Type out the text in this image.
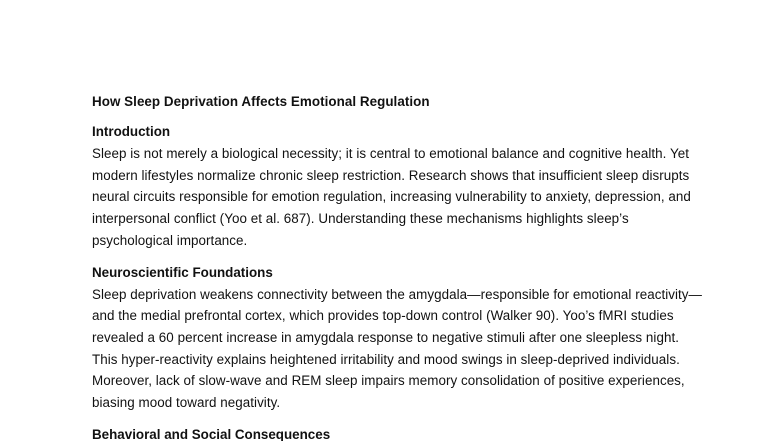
How Sleep Deprivation Affects Emotional Regulation
Introduction

Sleep is not merely a biological necessity; it is central to emotional balance and cognitive health. Yet modern lifestyles normalize chronic sleep restriction. Research shows that insufficient sleep disrupts neural circuits responsible for emotion regulation, increasing vulnerability to anxiety, depression, and interpersonal conflict (Yoo et al. 687). Understanding these mechanisms highlights sleep’s psychological importance.

Neuroscientific Foundations

Sleep deprivation weakens connectivity between the amygdala—responsible for emotional reactivity—and the medial prefrontal cortex, which provides top-down control (Walker 90). Yoo’s fMRI studies revealed a 60 percent increase in amygdala response to negative stimuli after one sleepless night. This hyper-reactivity explains heightened irritability and mood swings in sleep-deprived individuals. Moreover, lack of slow-wave and REM sleep impairs memory consolidation of positive experiences, biasing mood toward negativity.

Behavioral and Social Consequences
